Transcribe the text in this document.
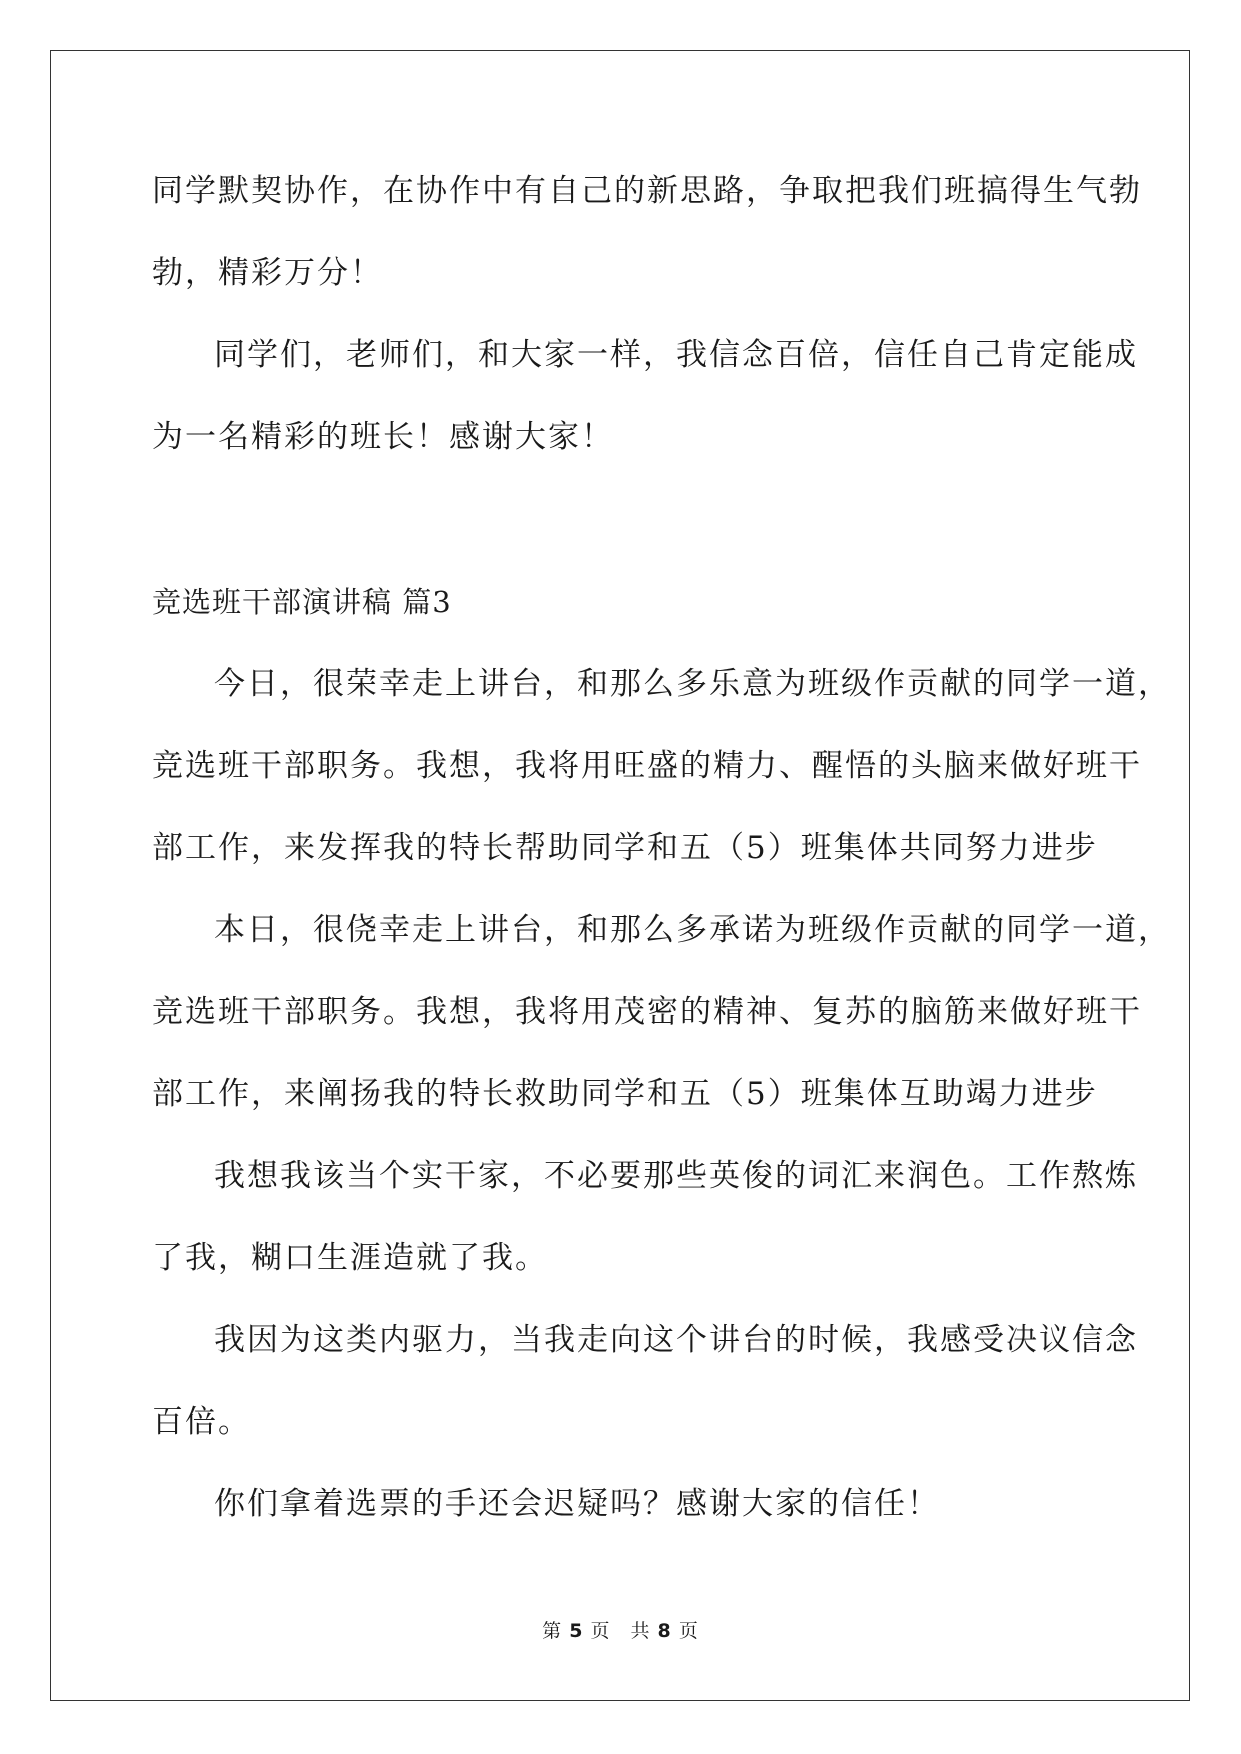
同学默契协作，在协作中有自己的新思路，争取把我们班搞得生气勃
勃，精彩万分！
同学们，老师们，和大家一样，我信念百倍，信任自己肯定能成
为一名精彩的班长！感谢大家！
竞选班干部演讲稿 篇3
今日，很荣幸走上讲台，和那么多乐意为班级作贡献的同学一道，
竞选班干部职务。我想，我将用旺盛的精力、醒悟的头脑来做好班干
部工作，来发挥我的特长帮助同学和五（5）班集体共同努力进步
本日，很侥幸走上讲台，和那么多承诺为班级作贡献的同学一道，
竞选班干部职务。我想，我将用茂密的精神、复苏的脑筋来做好班干
部工作，来阐扬我的特长救助同学和五（5）班集体互助竭力进步
我想我该当个实干家，不必要那些英俊的词汇来润色。工作熬炼
了我，糊口生涯造就了我。
我因为这类内驱力，当我走向这个讲台的时候，我感受决议信念
百倍。
你们拿着选票的手还会迟疑吗？感谢大家的信任！
第 5 页　共 8 页
